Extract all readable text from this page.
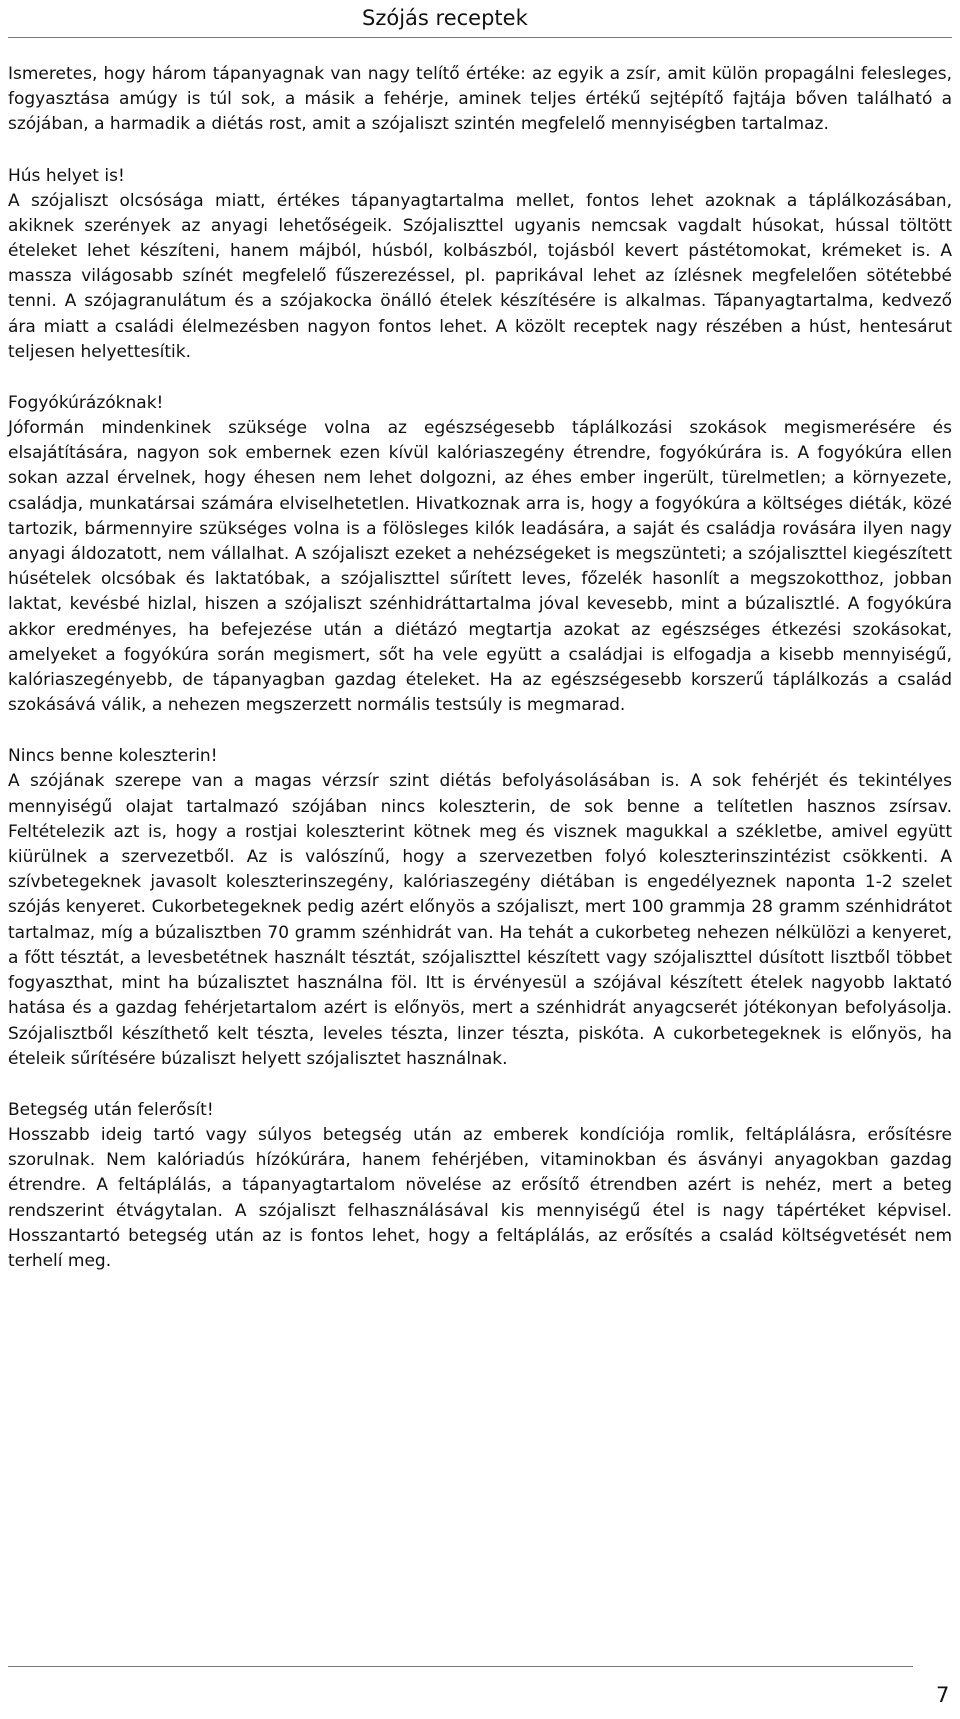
Szójás receptek

Ismeretes, hogy három tápanyagnak van nagy telítő értéke: az egyik a zsír, amit külön propagálni felesleges, fogyasztása amúgy is túl sok, a másik a fehérje, aminek teljes értékű sejtépítő fajtája bőven található a szójában, a harmadik a diétás rost, amit a szójaliszt szintén megfelelő mennyiségben tartalmaz.

Hús helyet is!

A szójaliszt olcsósága miatt, értékes tápanyagtartalma mellet, fontos lehet azoknak a táplálkozásában, akiknek szerények az anyagi lehetőségeik. Szójaliszttel ugyanis nemcsak vagdalt húsokat, hússal töltött ételeket lehet készíteni, hanem májból, húsból, kolbászból, tojásból kevert pástétomokat, krémeket is. A massza világosabb színét megfelelő fűszerezéssel, pl. paprikával lehet az ízlésnek megfelelően sötétebbé tenni. A szójagranulátum és a szójakocka önálló ételek készítésére is alkalmas. Tápanyagtartalma, kedvező ára miatt a családi élelmezésben nagyon fontos lehet. A közölt receptek nagy részében a húst, hentesárut teljesen helyettesítik.

Fogyókúrázóknak!

Jóformán mindenkinek szüksége volna az egészségesebb táplálkozási szokások megismerésére és elsajátítására, nagyon sok embernek ezen kívül kalóriaszegény étrendre, fogyókúrára is. A fogyókúra ellen sokan azzal érvelnek, hogy éhesen nem lehet dolgozni, az éhes ember ingerült, türelmetlen; a környezete, családja, munkatársai számára elviselhetetlen. Hivatkoznak arra is, hogy a fogyókúra a költséges diéták, közé tartozik, bármennyire szükséges volna is a fölösleges kilók leadására, a saját és családja rovására ilyen nagy anyagi áldozatott, nem vállalhat. A szójaliszt ezeket a nehézségeket is megszünteti; a szójaliszttel kiegészített húsételek olcsóbak és laktatóbak, a szójaliszttel sűrített leves, főzelék hasonlít a megszokotthoz, jobban laktat, kevésbé hizlal, hiszen a szójaliszt szénhidráttartalma jóval kevesebb, mint a búzalisztlé. A fogyókúra akkor eredményes, ha befejezése után a diétázó megtartja azokat az egészséges étkezési szokásokat, amelyeket a fogyókúra során megismert, sőt ha vele együtt a családjai is elfogadja a kisebb mennyiségű, kalóriaszegényebb, de tápanyagban gazdag ételeket. Ha az egészségesebb korszerű táplálkozás a család szokásává válik, a nehezen megszerzett normális testsúly is megmarad.

Nincs benne koleszterin!

A szójának szerepe van a magas vérzsír szint diétás befolyásolásában is. A sok fehérjét és tekintélyes mennyiségű olajat tartalmazó szójában nincs koleszterin, de sok benne a telítetlen hasznos zsírsav. Feltételezik azt is, hogy a rostjai koleszterint kötnek meg és visznek magukkal a székletbe, amivel együtt kiürülnek a szervezetből. Az is valószínű, hogy a szervezetben folyó koleszterinszintézist csökkenti. A szívbetegeknek javasolt koleszterinszegény, kalóriaszegény diétában is engedélyeznek naponta 1-2 szelet szójás kenyeret. Cukorbetegeknek pedig azért előnyös a szójaliszt, mert 100 grammja 28 gramm szénhidrátot tartalmaz, míg a búzalisztben 70 gramm szénhidrát van. Ha tehát a cukorbeteg nehezen nélkülözi a kenyeret, a főtt tésztát, a levesbetétnek használt tésztát, szójaliszttel készített vagy szójaliszttel dúsított lisztből többet fogyaszthat, mint ha búzalisztet használna föl. Itt is érvényesül a szójával készített ételek nagyobb laktató hatása és a gazdag fehérjetartalom azért is előnyös, mert a szénhidrát anyagcserét jótékonyan befolyásolja. Szójalisztből készíthető kelt tészta, leveles tészta, linzer tészta, piskóta. A cukorbetegeknek is előnyös, ha ételeik sűrítésére búzaliszt helyett szójalisztet használnak.

Betegség után felerősít!

Hosszabb ideig tartó vagy súlyos betegség után az emberek kondíciója romlik, feltáplálásra, erősítésre szorulnak. Nem kalóriadús hízókúrára, hanem fehérjében, vitaminokban és ásványi anyagokban gazdag étrendre. A feltáplálás, a tápanyagtartalom növelése az erősítő étrendben azért is nehéz, mert a beteg rendszerint étvágytalan. A szójaliszt felhasználásával kis mennyiségű étel is nagy tápértéket képvisel. Hosszantartó betegség után az is fontos lehet, hogy a feltáplálás, az erősítés a család költségvetését nem terhelí meg.

7
